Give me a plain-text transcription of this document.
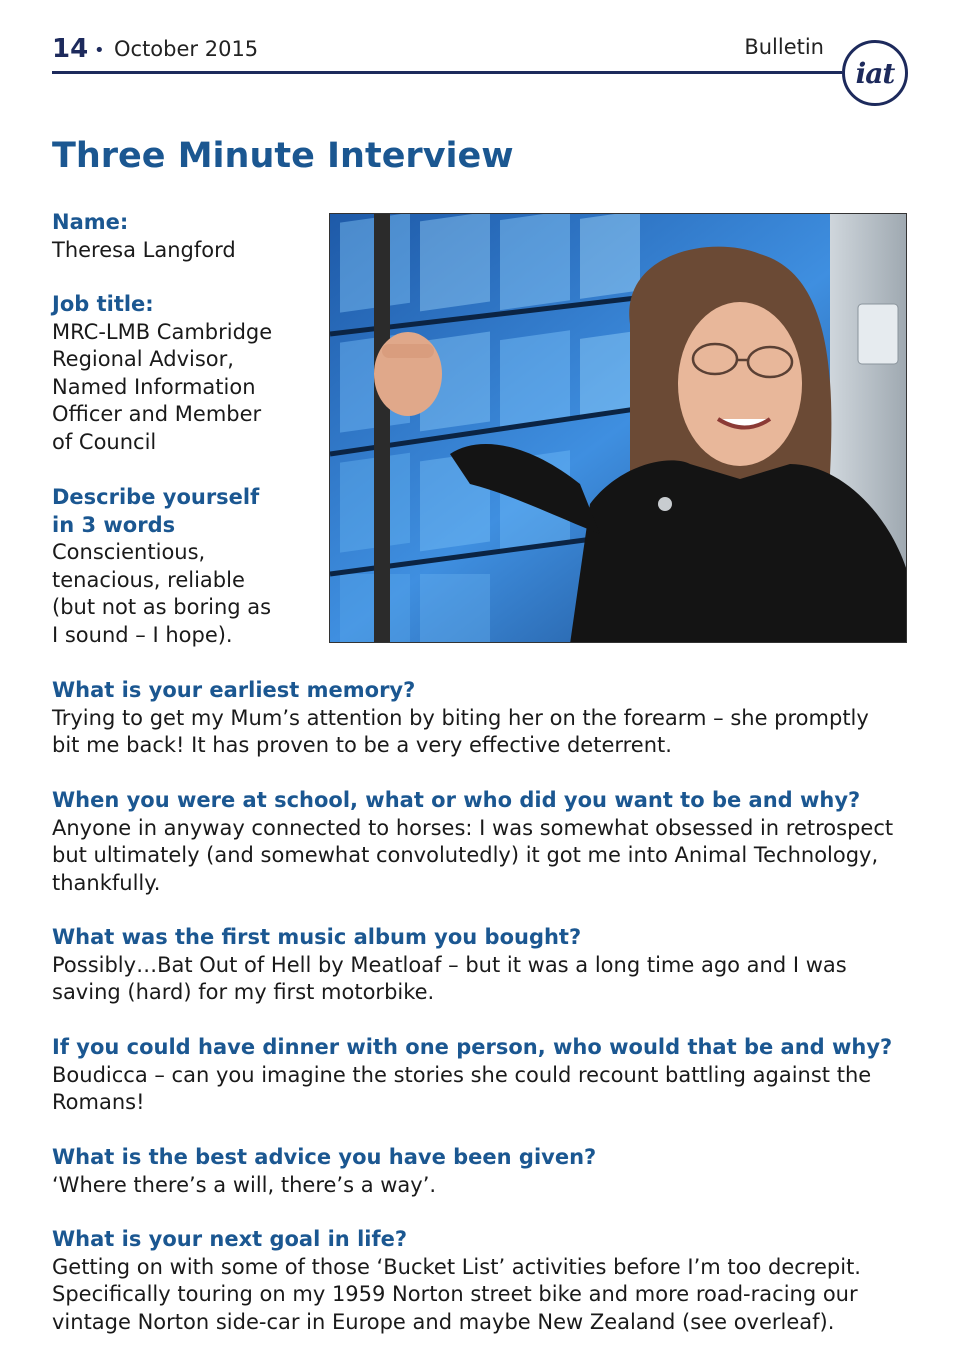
14 • October 2015	Bulletin
iat
Three Minute Interview
Name:
Theresa Langford
Job title:
MRC-LMB Cambridge
Regional Advisor,
Named Information
Officer and Member
of Council
Describe yourself
in 3 words
Conscientious,
tenacious, reliable
(but not as boring as
I sound – I hope).
What is your earliest memory?
Trying to get my Mum’s attention by biting her on the forearm – she promptly
bit me back! It has proven to be a very effective deterrent.
When you were at school, what or who did you want to be and why?
Anyone in anyway connected to horses: I was somewhat obsessed in retrospect
but ultimately (and somewhat convolutedly) it got me into Animal Technology,
thankfully.
What was the first music album you bought?
Possibly…Bat Out of Hell by Meatloaf – but it was a long time ago and I was
saving (hard) for my first motorbike.
If you could have dinner with one person, who would that be and why?
Boudicca – can you imagine the stories she could recount battling against the
Romans!
What is the best advice you have been given?
‘Where there’s a will, there’s a way’.
What is your next goal in life?
Getting on with some of those ‘Bucket List’ activities before I’m too decrepit.
Specifically touring on my 1959 Norton street bike and more road-racing our
vintage Norton side-car in Europe and maybe New Zealand (see overleaf).
